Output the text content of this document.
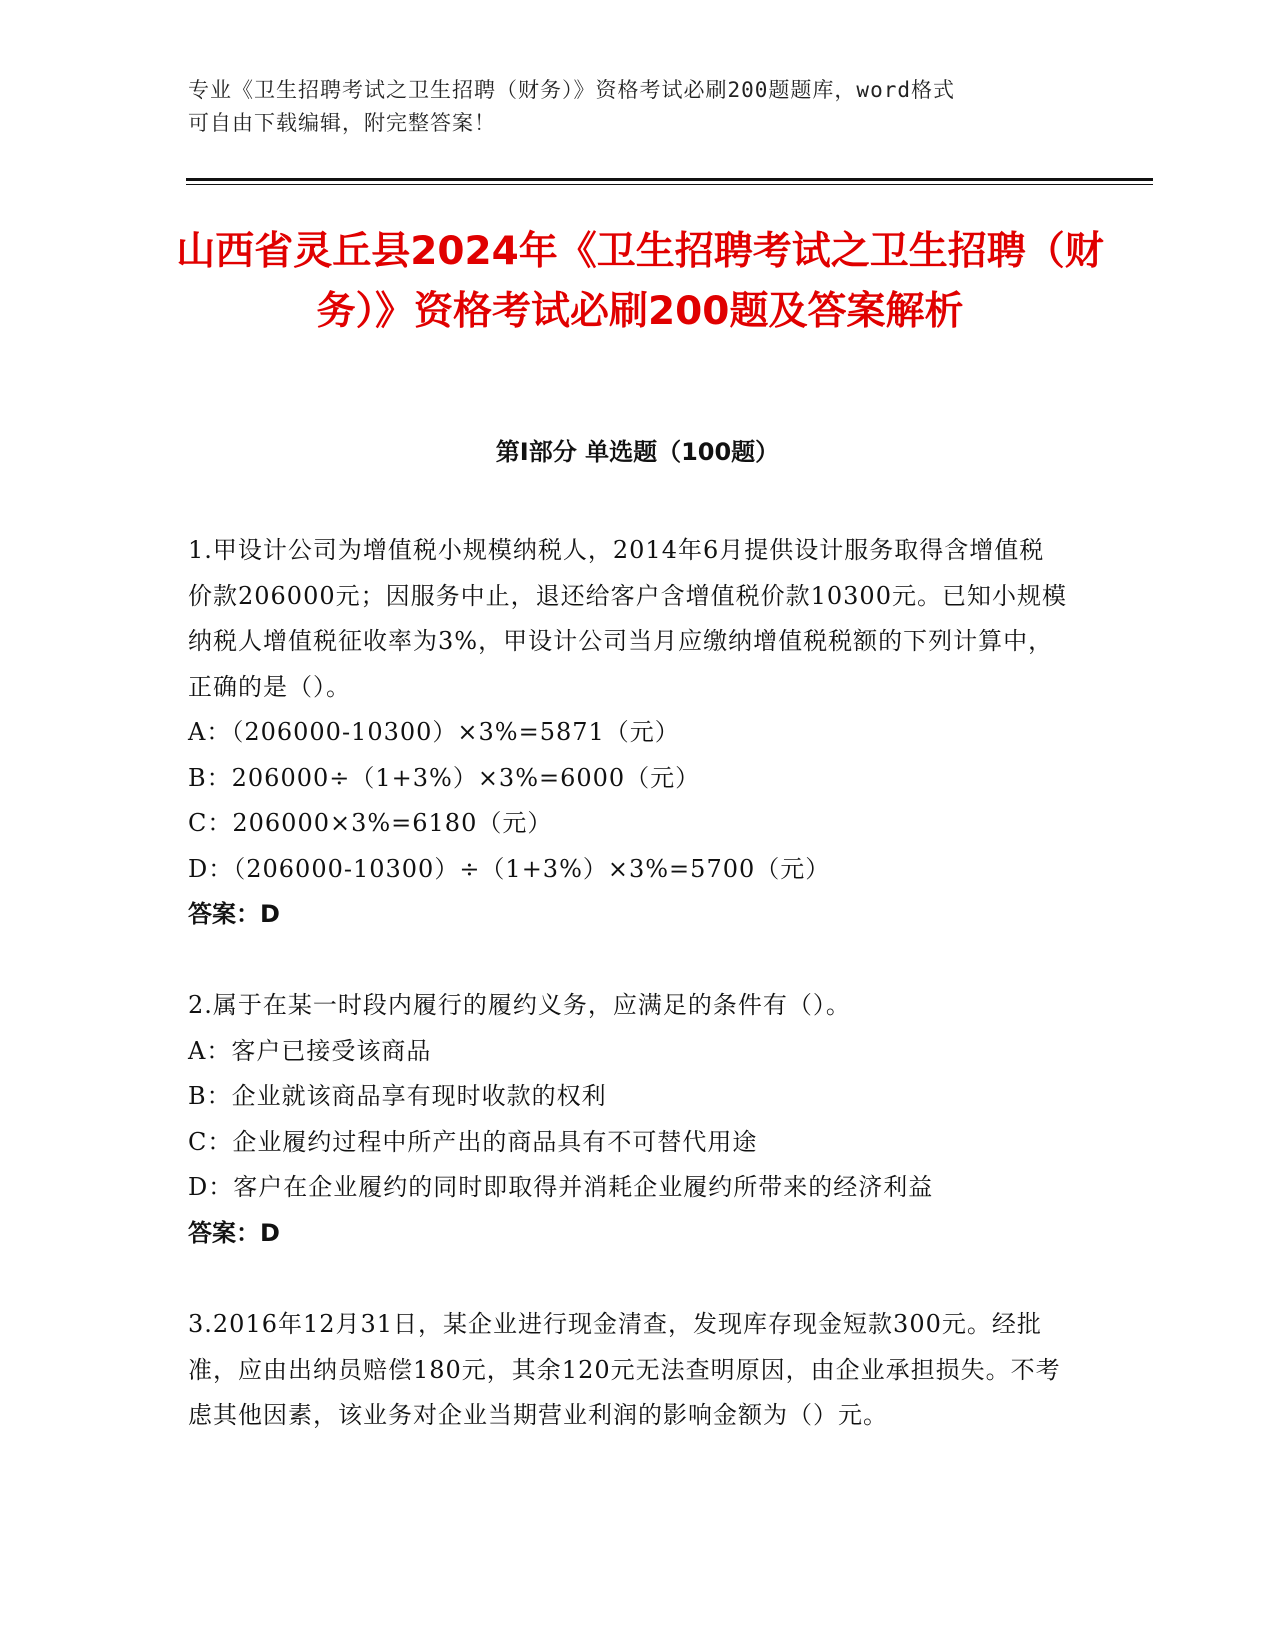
专业《卫生招聘考试之卫生招聘（财务）》资格考试必刷200题题库，word格式

可自由下载编辑，附完整答案！

山西省灵丘县2024年《卫生招聘考试之卫生招聘（财务）》资格考试必刷200题及答案解析
第Ⅰ部分 单选题（100题）

1.甲设计公司为增值税小规模纳税人，2014年6月提供设计服务取得含增值税价款206000元；因服务中止，退还给客户含增值税价款10300元。已知小规模纳税人增值税征收率为3%，甲设计公司当月应缴纳增值税税额的下列计算中，正确的是（）。

A：（206000-10300）×3%=5871（元）

B：206000÷（1+3%）×3%=6000（元）

C：206000×3%=6180（元）

D：（206000-10300）÷（1+3%）×3%=5700（元）

答案：D

2.属于在某一时段内履行的履约义务，应满足的条件有（）。

A：客户已接受该商品

B：企业就该商品享有现时收款的权利

C：企业履约过程中所产出的商品具有不可替代用途

D：客户在企业履约的同时即取得并消耗企业履约所带来的经济利益

答案：D

3.2016年12月31日，某企业进行现金清查，发现库存现金短款300元。经批准，应由出纳员赔偿180元，其余120元无法查明原因，由企业承担损失。不考虑其他因素，该业务对企业当期营业利润的影响金额为（）元。
